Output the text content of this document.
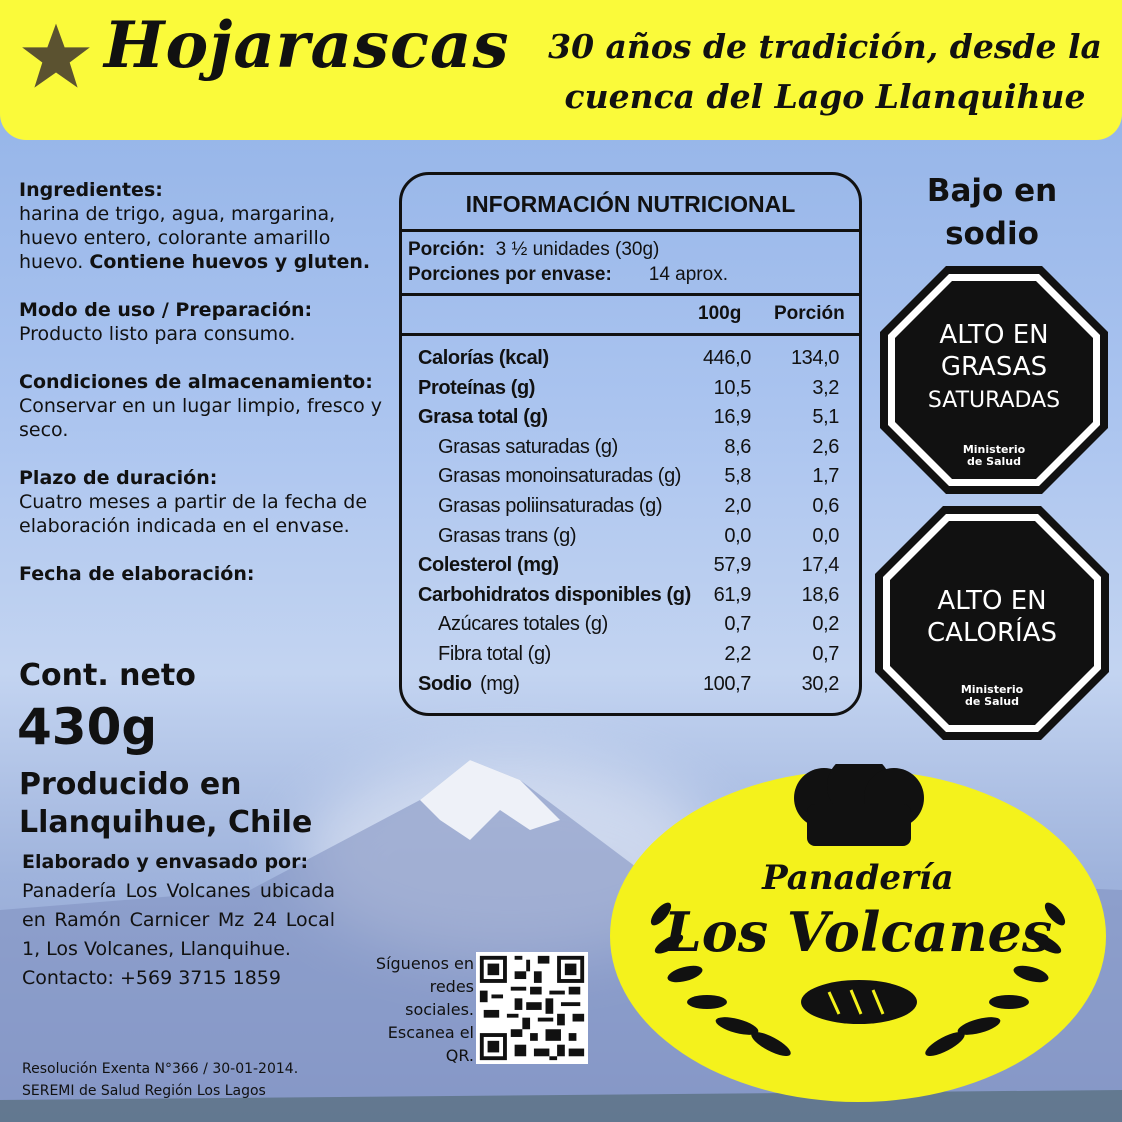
Hojarascas 30 años de tradición, desde la
cuenca del Lago Llanquihue
Ingredientes:
harina de trigo, agua, margarina, huevo entero, colorante amarillo huevo. Contiene huevos y gluten.
Modo de uso / Preparación:
Producto listo para consumo.
Condiciones de almacenamiento:
Conservar en un lugar limpio, fresco y seco.
Plazo de duración:
Cuatro meses a partir de la fecha de elaboración indicada en el envase.
Fecha de elaboración:
Cont. neto
430g
Producido en
Llanquihue, Chile
Elaborado y envasado por:
Panadería Los Volcanes ubicada en Ramón Carnicer Mz 24 Local 1, Los Volcanes, Llanquihue.
Contacto: +569 3715 1859
Resolución Exenta N°366 / 30-01-2014.
SEREMI de Salud Región Los Lagos
INFORMACIÓN NUTRICIONAL
Porción: 3 ½ unidades (30g)
Porciones por envase: 14 aprox.
100g Porción
Calorías (kcal)	446,0 134,0
Proteínas (g)	10,5	3,2
Grasa total (g)	16,9	5,1
Grasas saturadas (g)	8,6	2,6
Grasas monoinsaturadas (g) 5,8	1,7
Grasas poliinsaturadas (g)	2,0	0,6
Grasas trans (g)	0,0	0,0
Colesterol (mg)	57,9	17,4
Carbohidratos disponibles (g) 61,9	18,6
Azúcares totales (g)	0,7	0,2
Fibra total (g)	2,2	0,7
Sodio (mg)	100,7	30,2
Bajo en
sodio
ALTO EN
GRASAS
SATURADAS
Ministerio
de Salud
ALTO EN
CALORÍAS
Ministerio
de Salud
Panadería
Los Volcanes
Síguenos en redes sociales. Escanea el QR.
